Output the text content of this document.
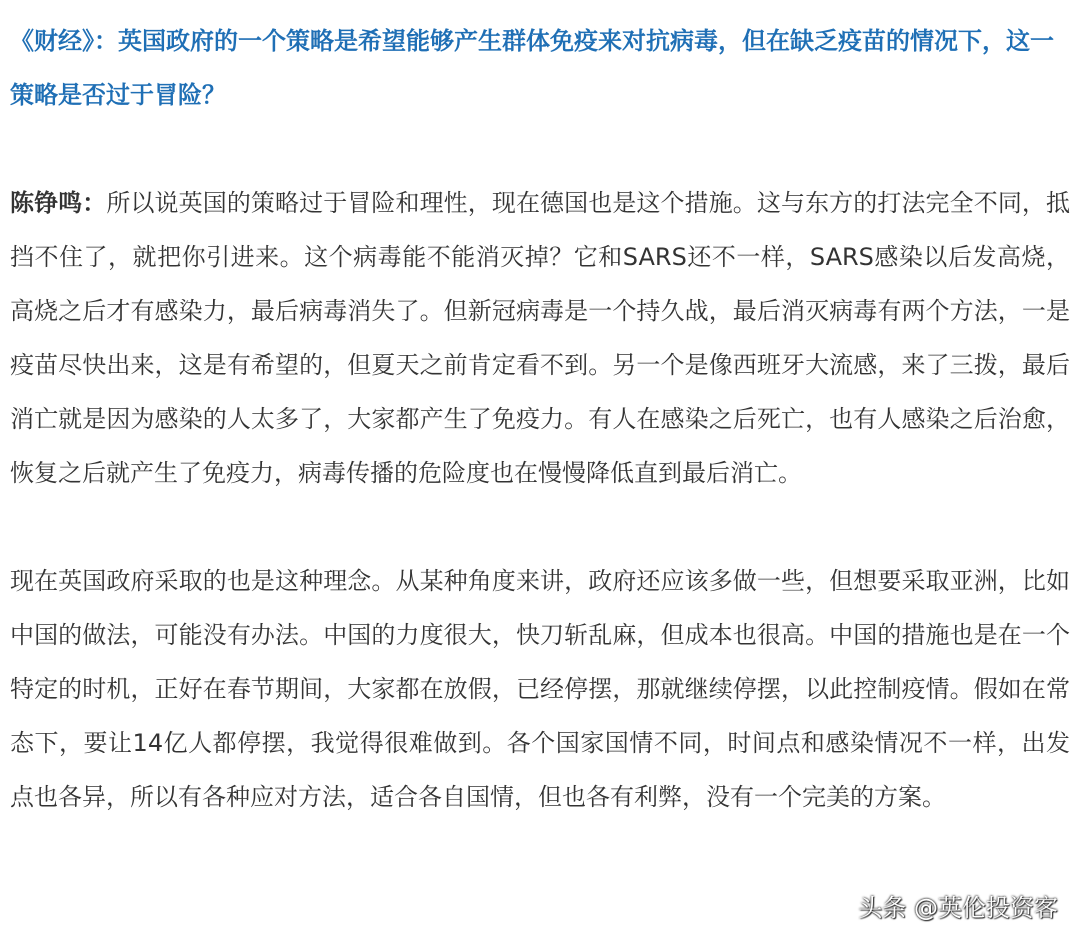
《财经》：英国政府的一个策略是希望能够产生群体免疫来对抗病毒，但在缺乏疫苗的情况下，这一策略是否过于冒险？

陈铮鸣：所以说英国的策略过于冒险和理性，现在德国也是这个措施。这与东方的打法完全不同，抵挡不住了，就把你引进来。这个病毒能不能消灭掉？它和SARS还不一样，SARS感染以后发高烧，高烧之后才有感染力，最后病毒消失了。但新冠病毒是一个持久战，最后消灭病毒有两个方法，一是疫苗尽快出来，这是有希望的，但夏天之前肯定看不到。另一个是像西班牙大流感，来了三拨，最后消亡就是因为感染的人太多了，大家都产生了免疫力。有人在感染之后死亡，也有人感染之后治愈，恢复之后就产生了免疫力，病毒传播的危险度也在慢慢降低直到最后消亡。

现在英国政府采取的也是这种理念。从某种角度来讲，政府还应该多做一些，但想要采取亚洲，比如中国的做法，可能没有办法。中国的力度很大，快刀斩乱麻，但成本也很高。中国的措施也是在一个特定的时机，正好在春节期间，大家都在放假，已经停摆，那就继续停摆，以此控制疫情。假如在常态下，要让14亿人都停摆，我觉得很难做到。各个国家国情不同，时间点和感染情况不一样，出发点也各异，所以有各种应对方法，适合各自国情，但也各有利弊，没有一个完美的方案。

头条 @英伦投资客
